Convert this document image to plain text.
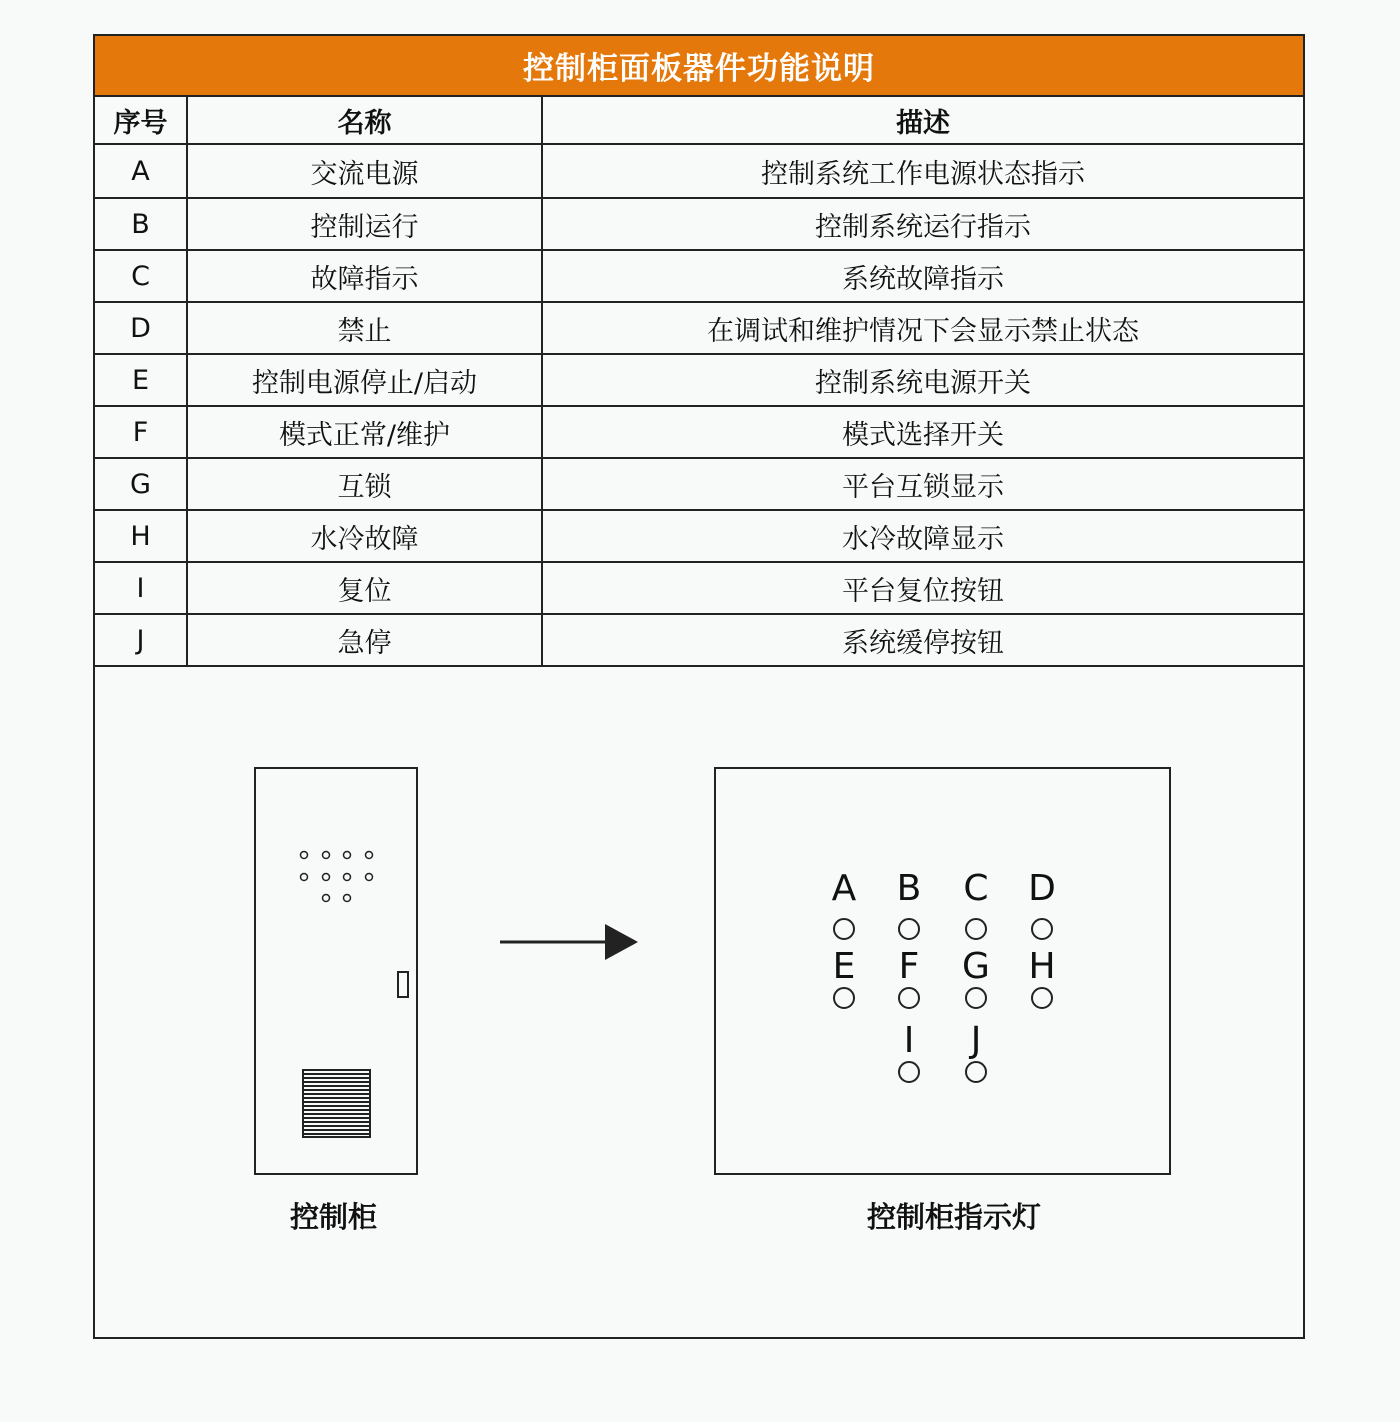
控制柜面板器件功能说明
序号	名称	描述
A	交流电源	控制系统工作电源状态指示
B	控制运行	控制系统运行指示
C	故障指示	系统故障指示
D	禁止	在调试和维护情况下会显示禁止状态
E	控制电源停止/启动	控制系统电源开关
F	模式正常/维护	模式选择开关
G	互锁	平台互锁显示
H	水冷故障	水冷故障显示
I	复位	平台复位按钮
J	急停	系统缓停按钮
A B C D
E F G H
I	J
控制柜	控制柜指示灯
